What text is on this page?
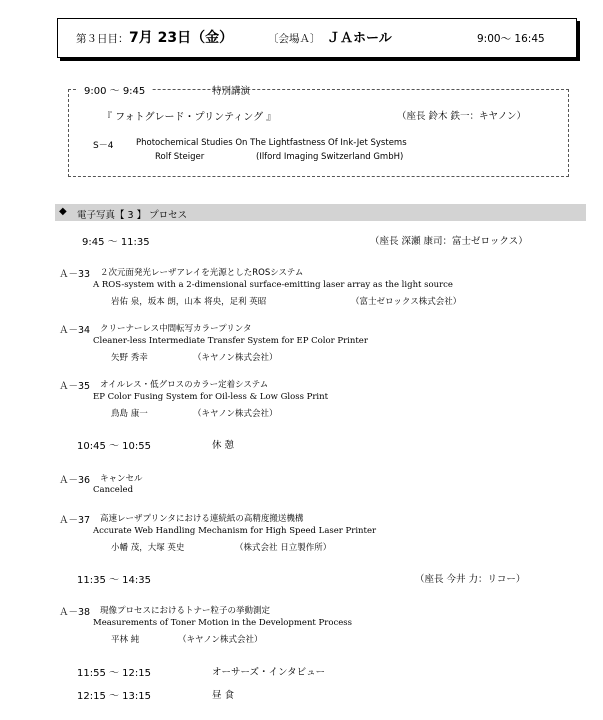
第３日目： 7月 23日（金）	〔会場Ａ〕 ＪＡホール	9:00～ 16:45
9:00 ～ 9:45	特別講演
『 フォトグレード・プリンティング 』	（座長 鈴木 鉄一：キヤノン）
S－4	Photochemical Studies On The Lightfastness Of Ink-Jet Systems
Rolf Steiger	(Ilford Imaging Switzerland GmbH)
◆ 電子写真【 3 】 プロセス
9:45 ～ 11:35	（座長 深瀬 康司：富士ゼロックス）
Ａ－33 ２次元面発光レーザアレイを光源としたROSシステム
A ROS-system with a 2-dimensional surface-emitting laser array as the light source
岩佑 泉，坂本 朗，山本 将央，足利 英昭	（富士ゼロックス株式会社）
Ａ－34 クリーナーレス中間転写カラープリンタ
Cleaner-less Intermediate Transfer System for EP Color Printer
矢野 秀幸	（キヤノン株式会社）
Ａ－35 オイルレス・低グロスのカラー定着システム
EP Color Fusing System for Oil-less & Low Gloss Print
鳥島 康一	（キヤノン株式会社）
10:45 ～ 10:55	休 憩
Ａ－36 キャンセル
Canceled
Ａ－37 高速レーザプリンタにおける連続紙の高精度搬送機構
Accurate Web Handling Mechanism for High Speed Laser Printer
小幡 茂，大塚 英史	（株式会社 日立製作所）
11:35 ～ 14:35	（座長 今井 力：リコー）
Ａ－38 現像プロセスにおけるトナー粒子の挙動測定
Measurements of Toner Motion in the Development Process
平林 純	（キヤノン株式会社）
11:55 ～ 12:15	オーサーズ・インタビュー
12:15 ～ 13:15	昼 食
